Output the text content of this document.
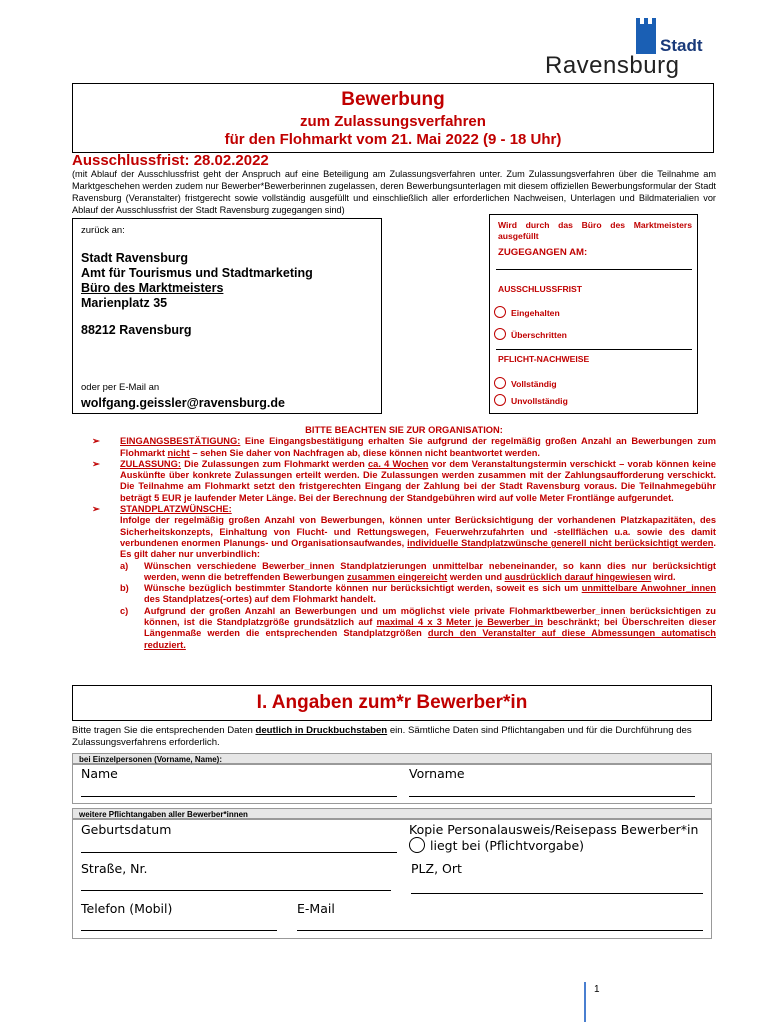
Stadt
Ravensburg
Bewerbung
zum Zulassungsverfahren
für den Flohmarkt vom 21. Mai 2022 (9 - 18 Uhr)
Ausschlussfrist: 28.02.2022
(mit Ablauf der Ausschlussfrist geht der Anspruch auf eine Beteiligung am Zulassungsverfahren unter. Zum Zulassungsverfahren über die Teilnahme am Marktgeschehen werden zudem nur Bewerber*Bewerberinnen zugelassen, deren Bewerbungsunterlagen mit diesem offiziellen Bewerbungsformular der Stadt Ravensburg (Veranstalter) fristgerecht sowie vollständig ausgefüllt und einschließlich aller erforderlichen Nachweisen, Unterlagen und Bildmaterialien vor Ablauf der Ausschlussfrist der Stadt Ravensburg zugegangen sind)
zurück an:
Stadt Ravensburg
Amt für Tourismus und Stadtmarketing
Büro des Marktmeisters
Marienplatz 35
88212 Ravensburg
oder per E-Mail an
wolfgang.geissler@ravensburg.de
Wird durch das Büro des Marktmeisters ausgefüllt
ZUGEGANGEN AM:
AUSSCHLUSSFRIST
Eingehalten
Überschritten
PFLICHT-NACHWEISE
Vollständig
Unvollständig
BITTE BEACHTEN SIE ZUR ORGANISATION:
➢ EINGANGSBESTÄTIGUNG: Eine Eingangsbestätigung erhalten Sie aufgrund der regelmäßig großen Anzahl an Bewerbungen zum Flohmarkt nicht – sehen Sie daher von Nachfragen ab, diese können nicht beantwortet werden.
➢ ZULASSUNG: Die Zulassungen zum Flohmarkt werden ca. 4 Wochen vor dem Veranstaltungstermin verschickt – vorab können keine Auskünfte über konkrete Zulassungen erteilt werden. Die Zulassungen werden zusammen mit der Zahlungsaufforderung verschickt. Die Teilnahme am Flohmarkt setzt den fristgerechten Eingang der Zahlung bei der Stadt Ravensburg voraus. Die Teilnahmegebühr beträgt 5 EUR je laufender Meter Länge. Bei der Berechnung der Standgebühren wird auf volle Meter Frontlänge aufgerundet.
➢ STANDPLATZWÜNSCHE:
Infolge der regelmäßig großen Anzahl von Bewerbungen, können unter Berücksichtigung der vorhandenen Platzkapazitäten, des Sicherheitskonzepts, Einhaltung von Flucht- und Rettungswegen, Feuerwehrzufahrten und -stellflächen u.a. sowie des damit verbundenen enormen Planungs- und Organisationsaufwandes, individuelle Standplatzwünsche generell nicht berücksichtigt werden. Es gilt daher nur unverbindlich:
a) Wünschen verschiedene Bewerber_innen Standplatzierungen unmittelbar nebeneinander, so kann dies nur berücksichtigt werden, wenn die betreffenden Bewerbungen zusammen eingereicht werden und ausdrücklich darauf hingewiesen wird.
b) Wünsche bezüglich bestimmter Standorte können nur berücksichtigt werden, soweit es sich um unmittelbare Anwohner_innen des Standplatzes(-ortes) auf dem Flohmarkt handelt.
c) Aufgrund der großen Anzahl an Bewerbungen und um möglichst viele private Flohmarktbewerber_innen berücksichtigen zu können, ist die Standplatzgröße grundsätzlich auf maximal 4 x 3 Meter je Bewerber_in beschränkt; bei Überschreiten dieser Längenmaße werden die entsprechenden Standplatzgrößen durch den Veranstalter auf diese Abmessungen automatisch reduziert.
I. Angaben zum*r Bewerber*in
Bitte tragen Sie die entsprechenden Daten deutlich in Druckbuchstaben ein. Sämtliche Daten sind Pflichtangaben und für die Durchführung des Zulassungsverfahrens erforderlich.
bei Einzelpersonen (Vorname, Name):
Name	Vorname
weitere Pflichtangaben aller Bewerber*innen
Geburtsdatum	Kopie Personalausweis/Reisepass Bewerber*in
liegt bei (Pflichtvorgabe)
Straße, Nr.	PLZ, Ort
Telefon (Mobil)	E-Mail
1
